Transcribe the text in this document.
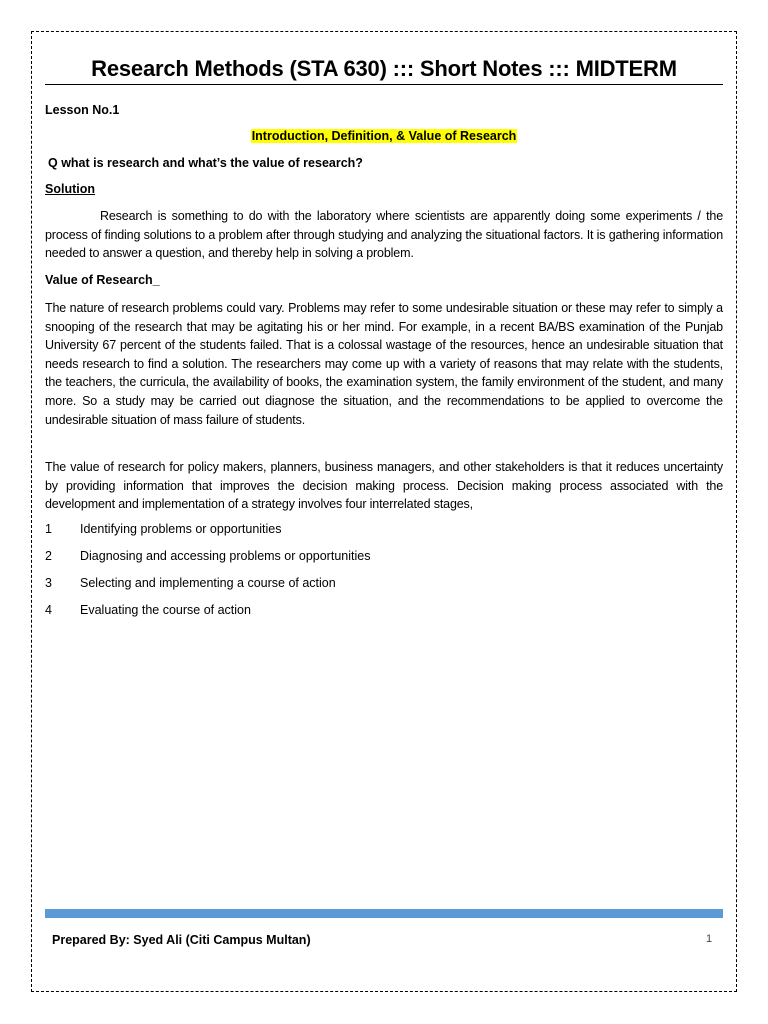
Research Methods (STA 630) ::: Short Notes ::: MIDTERM
Lesson No.1
Introduction, Definition, & Value of Research
Q what is research and what’s the value of research?
Solution
Research is something to do with the laboratory where scientists are apparently doing some experiments / the process of finding solutions to a problem after through studying and analyzing the situational factors. It is gathering information needed to answer a question, and thereby help in solving a problem.
Value of Research_
The nature of research problems could vary. Problems may refer to some undesirable situation or these may refer to simply a snooping of the research that may be agitating his or her mind. For example, in a recent BA/BS examination of the Punjab University 67 percent of the students failed. That is a colossal wastage of the resources, hence an undesirable situation that needs research to find a solution. The researchers may come up with a variety of reasons that may relate with the students, the teachers, the curricula, the availability of books, the examination system, the family environment of the student, and many more. So a study may be carried out diagnose the situation, and the recommendations to be applied to overcome the undesirable situation of mass failure of students.
The value of research for policy makers, planners, business managers, and other stakeholders is that it reduces uncertainty by providing information that improves the decision making process. Decision making process associated with the development and implementation of a strategy involves four interrelated stages,
1	Identifying problems or opportunities
2	Diagnosing and accessing problems or opportunities
3	Selecting and implementing a course of action
4	Evaluating the course of action
Prepared By: Syed Ali (Citi Campus Multan)	1
